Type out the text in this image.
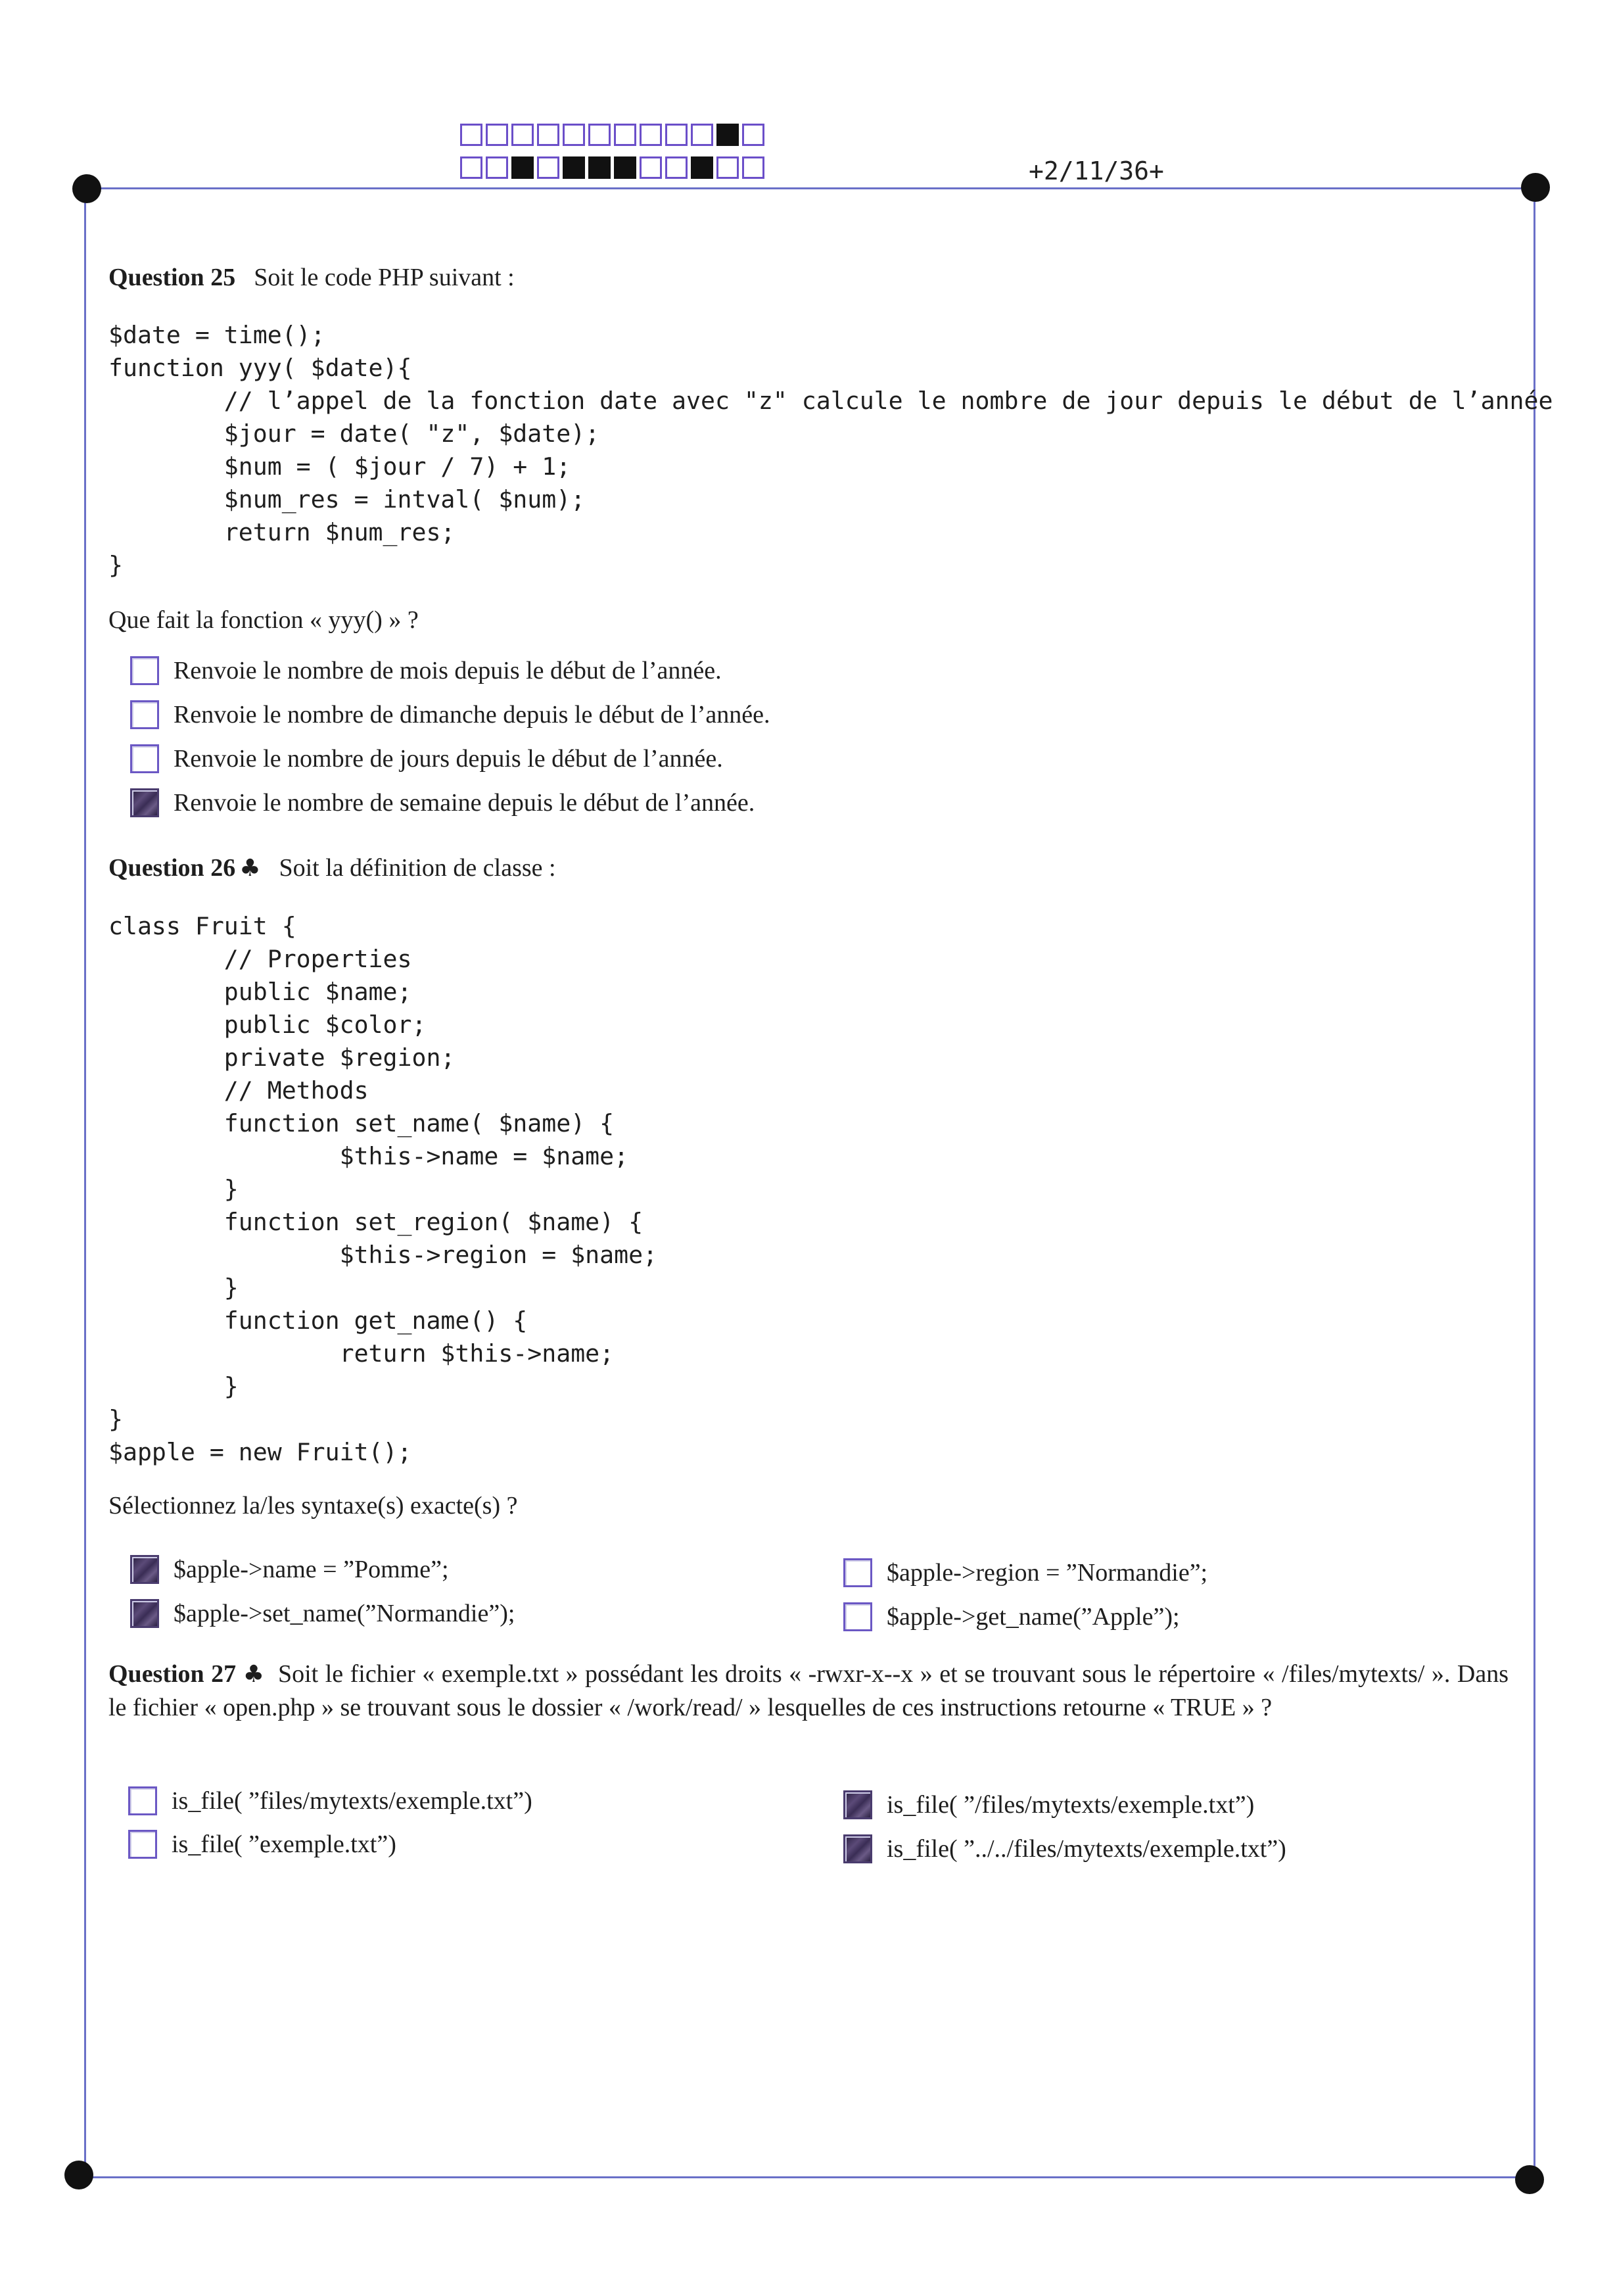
+2/11/36+
Question 25 Soit le code PHP suivant :
$date = time();
function yyy( $date){
// l’appel de la fonction date avec "z" calcule le nombre de jour depuis le début de l’année
$jour = date( "z", $date);
$num = ( $jour / 7) + 1;
$num_res = intval( $num);
return $num_res;
}
Que fait la fonction « yyy() » ?
Renvoie le nombre de mois depuis le début de l’année.
Renvoie le nombre de dimanche depuis le début de l’année.
Renvoie le nombre de jours depuis le début de l’année.
Renvoie le nombre de semaine depuis le début de l’année.
Question 26 ♣ Soit la définition de classe :
class Fruit {
// Properties
public $name;
public $color;
private $region;
// Methods
function set_name( $name) {
$this->name = $name;
}
function set_region( $name) {
$this->region = $name;
}
function get_name() {
return $this->name;
}
}
$apple = new Fruit();
Sélectionnez la/les syntaxe(s) exacte(s) ?
$apple->name = ”Pomme”;
$apple->set_name(”Normandie”);
$apple->region = ”Normandie”;
$apple->get_name(”Apple”);
Question 27 ♣ Soit le fichier « exemple.txt » possédant les droits « -rwxr-x--x » et se trouvant sous le répertoire « /files/mytexts/ ». Dans le fichier « open.php » se trouvant sous le dossier « /work/read/ » lesquelles de ces instructions retourne « TRUE » ?
is_file( ”files/mytexts/exemple.txt”)
is_file( ”exemple.txt”)
is_file( ”/files/mytexts/exemple.txt”)
is_file( ”../../files/mytexts/exemple.txt”)
